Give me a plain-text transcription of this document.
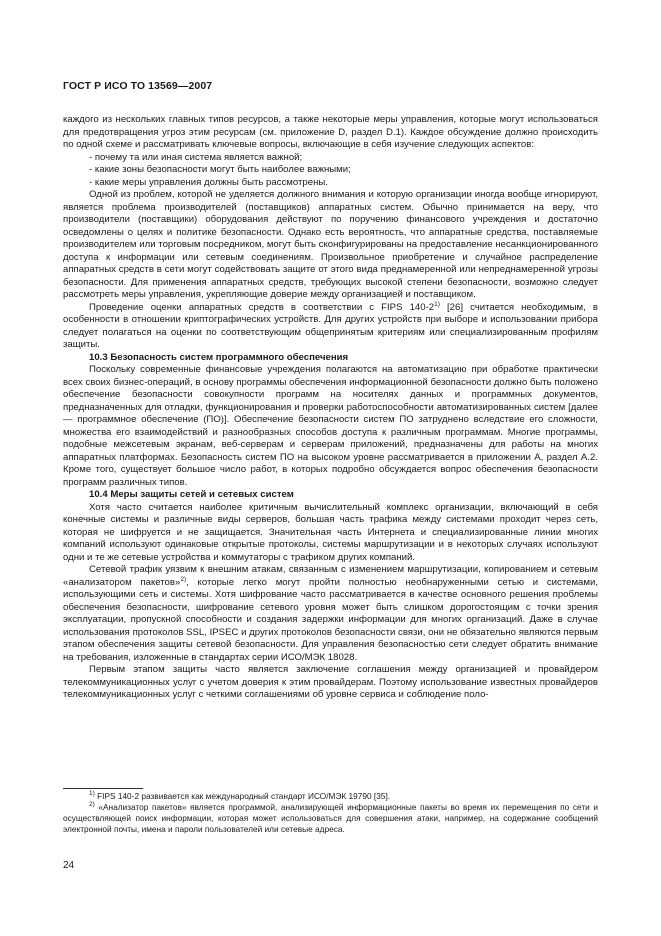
ГОСТ Р ИСО ТО 13569—2007

каждого из нескольких главных типов ресурсов, а также некоторые меры управления, которые могут использоваться для предотвращения угроз этим ресурсам (см. приложение D, раздел D.1). Каждое обсуждение должно происходить по одной схеме и рассматривать ключевые вопросы, включающие в себя изучение следующих аспектов:

- почему та или иная система является важной;

- какие зоны безопасности могут быть наиболее важными;

- какие меры управления должны быть рассмотрены.

Одной из проблем, которой не уделяется должного внимания и которую организации иногда вообще игнорируют, является проблема производителей (поставщиков) аппаратных систем. Обычно принимается на веру, что производители (поставщики) оборудования действуют по поручению финансового учреждения и достаточно осведомлены о целях и политике безопасности. Однако есть вероятность, что аппаратные средства, поставляемые производителем или торговым посредником, могут быть сконфигурированы на предоставление несанкционированного доступа к информации или сетевым соединениям. Произвольное приобретение и случайное распределение аппаратных средств в сети могут содействовать защите от этого вида преднамеренной или непреднамеренной угрозы безопасности. Для применения аппаратных средств, требующих высокой степени безопасности, возможно следует рассмотреть меры управления, укрепляющие доверие между организацией и поставщиком.

Проведение оценки аппаратных средств в соответствии с FIPS 140-2$^{1)}$ [26] считается необходимым, в особенности в отношении криптографических устройств. Для других устройств при выборе и использовании прибора следует полагаться на оценки по соответствующим общепринятым критериям или специализированным профилям защиты.

10.3 Безопасность систем программного обеспечения

Поскольку современные финансовые учреждения полагаются на автоматизацию при обработке практически всех своих бизнес-операций, в основу программы обеспечения информационной безопасности должно быть положено обеспечение безопасности совокупности программ на носителях данных и программных документов, предназначенных для отладки, функционирования и проверки работоспособности автоматизированных систем [далее — программное обеспечение (ПО)]. Обеспечение безопасности систем ПО затруднено вследствие его сложности, множества его взаимодействий и разнообразных способов доступа к различным программам. Многие программы, подобные межсетевым экранам, веб-серверам и серверам приложений, предназначены для работы на многих аппаратных платформах. Безопасность систем ПО на высоком уровне рассматривается в приложении А, раздел А.2. Кроме того, существует большое число работ, в которых подробно обсуждается вопрос обеспечения безопасности программ различных типов.

10.4 Меры защиты сетей и сетевых систем

Хотя часто считается наиболее критичным вычислительный комплекс организации, включающий в себя конечные системы и различные виды серверов, большая часть трафика между системами проходит через сеть, которая не шифруется и не защищается. Значительная часть Интернета и специализированные линии многих компаний используют одинаковые открытые протоколы, системы маршрутизации и в некоторых случаях используют одни и те же сетевые устройства и коммутаторы с трафиком других компаний.

Сетевой трафик уязвим к внешним атакам, связанным с изменением маршрутизации, копированием и сетевым «анализатором пакетов»$^{2)}$, которые легко могут пройти полностью необнаруженными сетью и системами, использующими сеть и системы. Хотя шифрование часто рассматривается в качестве основного решения проблемы обеспечения безопасности, шифрование сетевого уровня может быть слишком дорогостоящим с точки зрения эксплуатации, пропускной способности и создания задержки информации для многих организаций. Даже в случае использования протоколов SSL, IPSEC и других протоколов безопасности связи, они не обязательно являются первым этапом обеспечения защиты сетевой безопасности. Для управления безопасностью сети следует обратить внимание на требования, изложенные в стандартах серии ИСО/МЭК 18028.

Первым этапом защиты часто является заключение соглашения между организацией и провайдером телекоммуникационных услуг с учетом доверия к этим провайдерам. Поэтому использование известных провайдеров телекоммуникационных услуг с четкими соглашениями об уровне сервиса и соблюдение поло-

$^{1)}$ FIPS 140-2 развивается как международный стандарт ИСО/МЭК 19790 [35].

$^{2)}$ «Анализатор пакетов» является программой, анализирующей информационные пакеты во время их перемещения по сети и осуществляющей поиск информации, которая может использоваться для совершения атаки, например, на содержание сообщений электронной почты, имена и пароли пользователей или сетевые адреса.

24
